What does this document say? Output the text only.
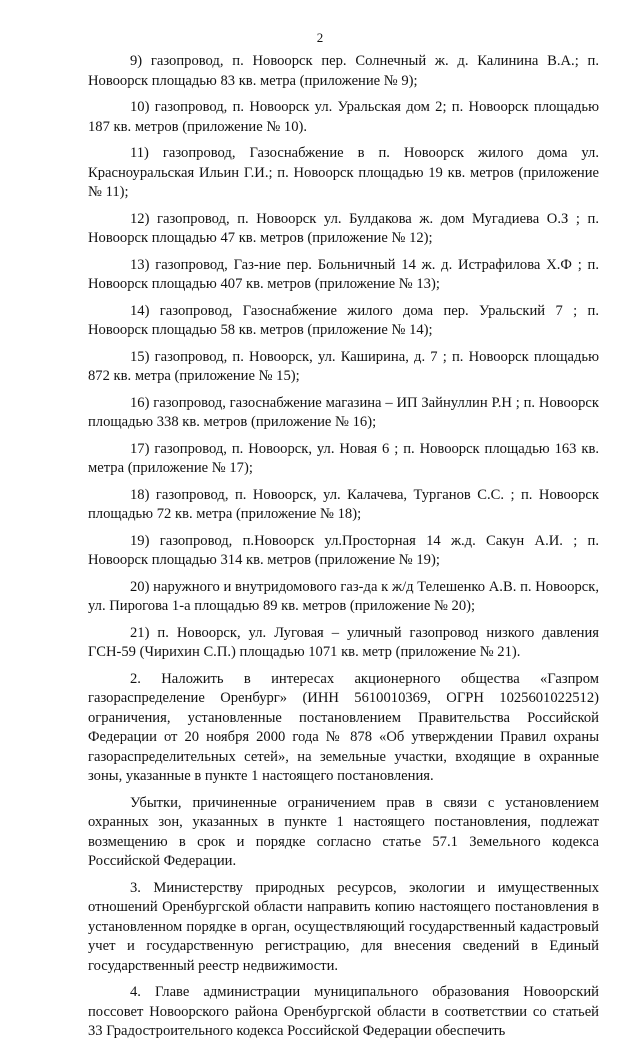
2

9) газопровод, п. Новоорск пер. Солнечный ж. д. Калинина В.А.; п. Новоорск площадью 83 кв. метра (приложение № 9);

10) газопровод, п. Новоорск ул. Уральская дом 2; п. Новоорск площадью 187 кв. метров (приложение № 10).

11) газопровод, Газоснабжение в п. Новоорск жилого дома ул. Красноуральская Ильин Г.И.; п. Новоорск площадью 19 кв. метров (приложение № 11);

12) газопровод, п. Новоорск ул. Булдакова ж. дом Мугадиева О.З ; п. Новоорск площадью 47 кв. метров (приложение № 12);

13) газопровод, Газ-ние пер. Больничный 14 ж. д. Истрафилова Х.Ф ; п. Новоорск площадью 407 кв. метров (приложение № 13);

14) газопровод, Газоснабжение жилого дома пер. Уральский 7 ; п. Новоорск площадью 58 кв. метров (приложение № 14);

15) газопровод, п. Новоорск, ул. Каширина, д. 7 ; п. Новоорск площадью 872 кв. метра (приложение № 15);

16) газопровод, газоснабжение магазина – ИП Зайнуллин Р.Н ; п. Новоорск площадью 338 кв. метров (приложение № 16);

17) газопровод, п. Новоорск, ул. Новая 6 ; п. Новоорск площадью 163 кв. метра (приложение № 17);

18) газопровод, п. Новоорск, ул. Калачева, Турганов С.С. ; п. Новоорск площадью 72 кв. метра (приложение № 18);

19) газопровод, п.Новоорск ул.Просторная 14 ж.д. Сакун А.И. ; п. Новоорск площадью 314 кв. метров (приложение № 19);

20) наружного и внутридомового газ-да к ж/д Телешенко А.В. п. Новоорск, ул. Пирогова 1-а площадью 89 кв. метров (приложение № 20);

21) п. Новоорск, ул. Луговая – уличный газопровод низкого давления ГСН-59 (Чирихин С.П.) площадью 1071 кв. метр (приложение № 21).

2. Наложить в интересах акционерного общества «Газпром газораспределение Оренбург» (ИНН 5610010369, ОГРН 1025601022512) ограничения, установленные постановлением Правительства Российской Федерации от 20 ноября 2000 года № 878 «Об утверждении Правил охраны газораспределительных сетей», на земельные участки, входящие в охранные зоны, указанные в пункте 1 настоящего постановления.

Убытки, причиненные ограничением прав в связи с установлением охранных зон, указанных в пункте 1 настоящего постановления, подлежат возмещению в срок и порядке согласно статье 57.1 Земельного кодекса Российской Федерации.

3. Министерству природных ресурсов, экологии и имущественных отношений Оренбургской области направить копию настоящего постановления в установленном порядке в орган, осуществляющий государственный кадастровый учет и государственную регистрацию, для внесения сведений в Единый государственный реестр недвижимости.

4. Главе администрации муниципального образования Новоорский поссовет Новоорского района Оренбургской области в соответствии со статьей 33 Градостроительного кодекса Российской Федерации обеспечить
